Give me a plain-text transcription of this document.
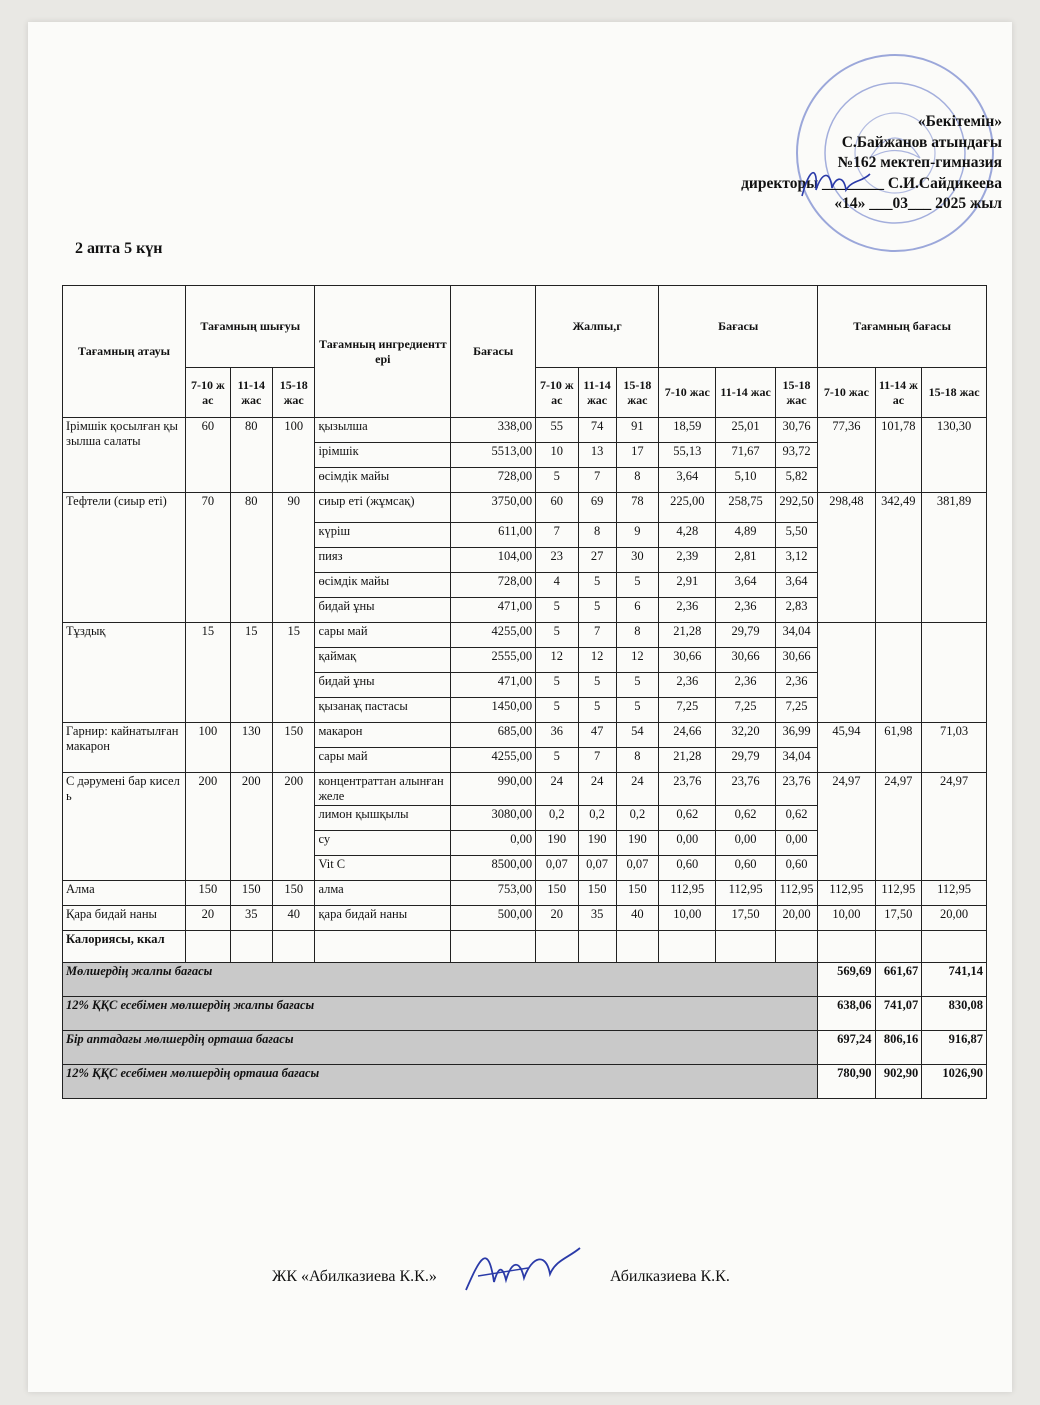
«Бекітемін»
С.Байжанов атындағы
№162 мектеп-гимназия
директоры ________ С.И.Сайдикеева
«14» ___03___ 2025 жыл
2 апта 5 күн
Тағамның атауы	Тағамның шығуы			Тағамның ингредиенттері	Бағасы	Жалпы,г			Бағасы			Тағамның бағасы		
	7-10 жас	11-14 жас	15-18 жас			7-10 жас	11-14 жас	15-18 жас	7-10 жас	11-14 жас	15-18 жас	7-10 жас	11-14 жас	15-18 жас
Ірімшік қосылған қызылша салаты	60	80	100	қызылша	338,00	55	74	91	18,59	25,01	30,76	77,36	101,78	130,30
				ірімшік	5513,00	10	13	17	55,13	71,67	93,72			
				өсімдік майы	728,00	5	7	8	3,64	5,10	5,82			
Тефтели (сиыр еті)	70	80	90	сиыр еті (жұмсақ)	3750,00	60	69	78	225,00	258,75	292,50	298,48	342,49	381,89
				күріш	611,00	7	8	9	4,28	4,89	5,50			
				пияз	104,00	23	27	30	2,39	2,81	3,12			
				өсімдік майы	728,00	4	5	5	2,91	3,64	3,64			
				бидай ұны	471,00	5	5	6	2,36	2,36	2,83			
Тұздық	15	15	15	сары май	4255,00	5	7	8	21,28	29,79	34,04			
				қаймақ	2555,00	12	12	12	30,66	30,66	30,66			
				бидай ұны	471,00	5	5	5	2,36	2,36	2,36			
				қызанақ пастасы	1450,00	5	5	5	7,25	7,25	7,25			
Гарнир: кайнатылған макарон	100	130	150	макарон	685,00	36	47	54	24,66	32,20	36,99	45,94	61,98	71,03
				сары май	4255,00	5	7	8	21,28	29,79	34,04			
С дәрумені бар кисель	200	200	200	концентраттан алынған желе	990,00	24	24	24	23,76	23,76	23,76	24,97	24,97	24,97
				лимон қышқылы	3080,00	0,2	0,2	0,2	0,62	0,62	0,62			
				су	0,00	190	190	190	0,00	0,00	0,00			
				Vit C	8500,00	0,07	0,07	0,07	0,60	0,60	0,60			
Алма	150	150	150	алма	753,00	150	150	150	112,95	112,95	112,95	112,95	112,95	112,95
Қара бидай наны	20	35	40	қара бидай наны	500,00	20	35	40	10,00	17,50	20,00	10,00	17,50	20,00
Калориясы, ккал														
Мөлшердің жалпы бағасы												569,69	661,67	741,14
12% ҚҚС есебімен мөлшердің жалпы бағасы												638,06	741,07	830,08
Бір аптадағы мөлшердің орташа бағасы												697,24	806,16	916,87
12% ҚҚС есебімен мөлшердің орташа бағасы												780,90	902,90	1026,90
ЖК «Абилказиева К.К.»	Абилказиева К.К.
